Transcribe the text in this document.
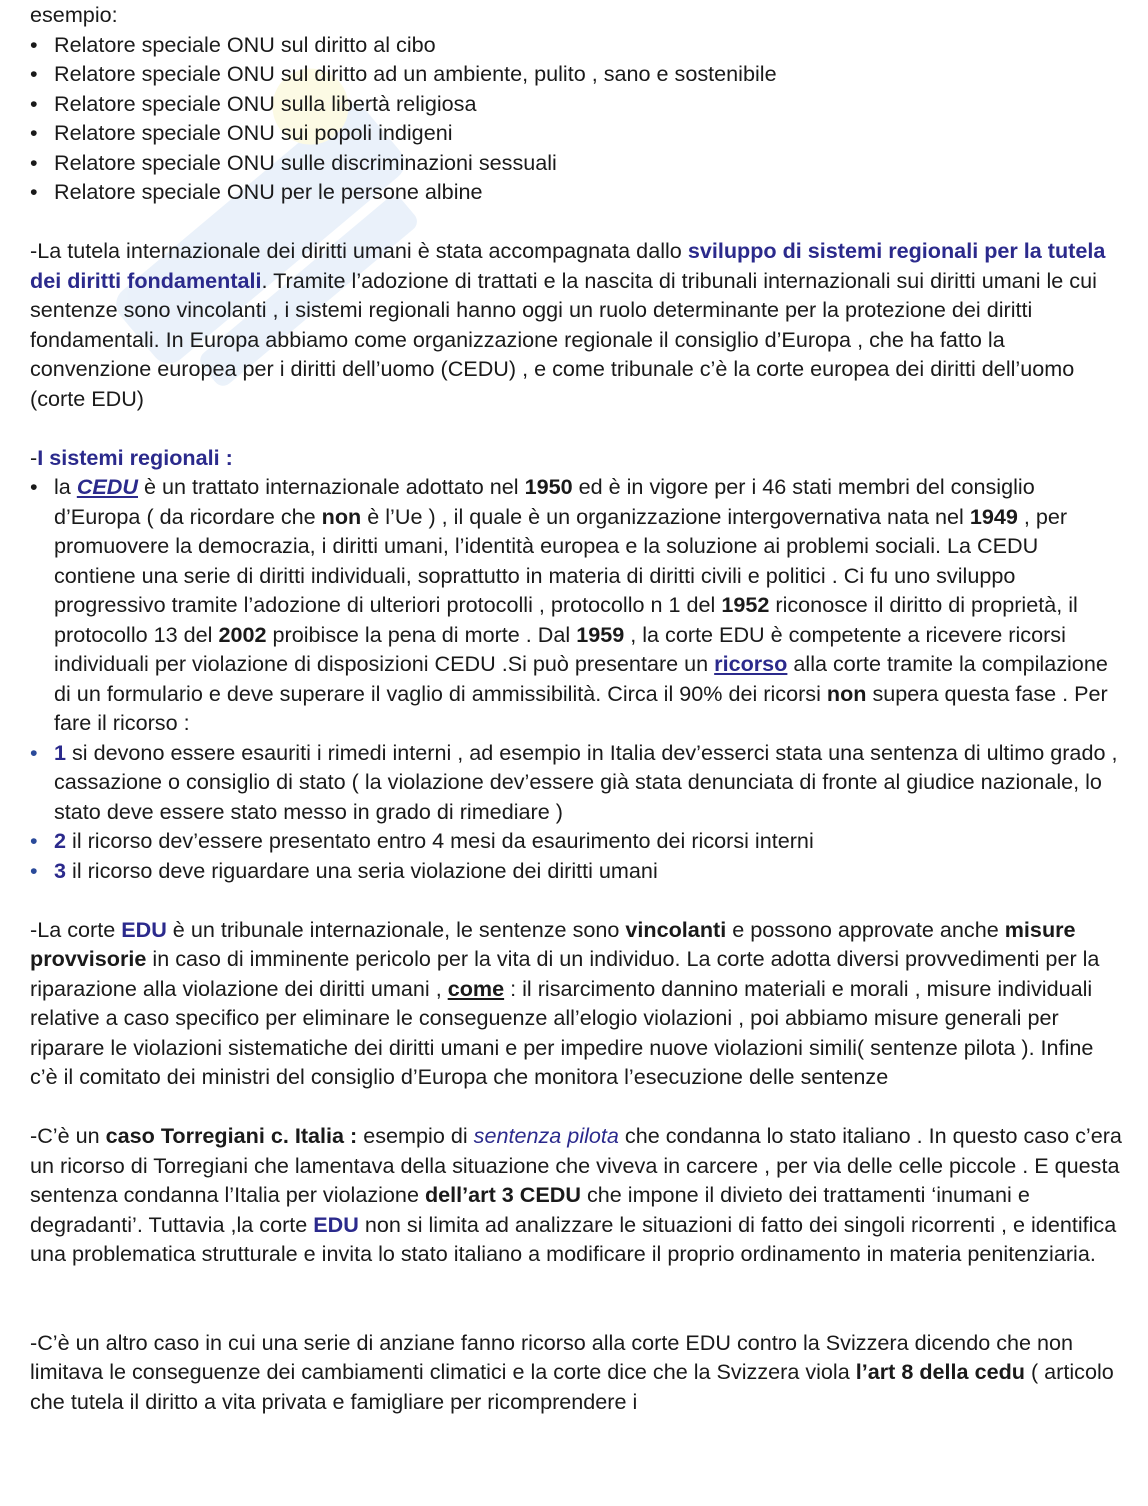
esempio:

• Relatore speciale ONU sul diritto al cibo

• Relatore speciale ONU sul diritto ad un ambiente, pulito , sano e sostenibile

• Relatore speciale ONU sulla libertà religiosa

• Relatore speciale ONU sui popoli indigeni

• Relatore speciale ONU sulle discriminazioni sessuali

• Relatore speciale ONU per le persone albine

-La tutela internazionale dei diritti umani è stata accompagnata dallo sviluppo di sistemi regionali per la tutela dei diritti fondamentali. Tramite l’adozione di trattati e la nascita di tribunali internazionali sui diritti umani le cui sentenze sono vincolanti , i sistemi regionali hanno oggi un ruolo determinante per la protezione dei diritti fondamentali. In Europa abbiamo come organizzazione regionale il consiglio d’Europa , che ha fatto la convenzione europea per i diritti dell’uomo (CEDU) , e come tribunale c’è la corte europea dei diritti dell’uomo (corte EDU)

-I sistemi regionali :

• la CEDU è un trattato internazionale adottato nel 1950 ed è in vigore per i 46 stati membri del consiglio d’Europa ( da ricordare che non è l’Ue ) , il quale è un organizzazione intergovernativa nata nel 1949 , per promuovere la democrazia, i diritti umani, l’identità europea e la soluzione ai problemi sociali. La CEDU contiene una serie di diritti individuali, soprattutto in materia di diritti civili e politici . Ci fu uno sviluppo progressivo tramite l’adozione di ulteriori protocolli , protocollo n 1 del 1952 riconosce il diritto di proprietà, il protocollo 13 del 2002 proibisce la pena di morte . Dal 1959 , la corte EDU è competente a ricevere ricorsi individuali per violazione di disposizioni CEDU .Si può presentare un ricorso alla corte tramite la compilazione di un formulario e deve superare il vaglio di ammissibilità. Circa il 90% dei ricorsi non supera questa fase . Per fare il ricorso :

• 1 si devono essere esauriti i rimedi interni , ad esempio in Italia dev’esserci stata una sentenza di ultimo grado , cassazione o consiglio di stato ( la violazione dev’essere già stata denunciata di fronte al giudice nazionale, lo stato deve essere stato messo in grado di rimediare )

• 2 il ricorso dev’essere presentato entro 4 mesi da esaurimento dei ricorsi interni

• 3 il ricorso deve riguardare una seria violazione dei diritti umani

-La corte EDU è un tribunale internazionale, le sentenze sono vincolanti e possono approvate anche misure provvisorie in caso di imminente pericolo per la vita di un individuo. La corte adotta diversi provvedimenti per la riparazione alla violazione dei diritti umani , come : il risarcimento dannino materiali e morali , misure individuali relative a caso specifico per eliminare le conseguenze all’elogio violazioni , poi abbiamo misure generali per riparare le violazioni sistematiche dei diritti umani e per impedire nuove violazioni simili( sentenze pilota ). Infine c’è il comitato dei ministri del consiglio d’Europa che monitora l’esecuzione delle sentenze

-C’è un caso Torregiani c. Italia : esempio di sentenza pilota che condanna lo stato italiano . In questo caso c’era un ricorso di Torregiani che lamentava della situazione che viveva in carcere , per via delle celle piccole . E questa sentenza condanna l’Italia per violazione dell’art 3 CEDU che impone il divieto dei trattamenti ‘inumani e degradanti’. Tuttavia ,la corte EDU non si limita ad analizzare le situazioni di fatto dei singoli ricorrenti , e identifica una problematica strutturale e invita lo stato italiano a modificare il proprio ordinamento in materia penitenziaria.

-C’è un altro caso in cui una serie di anziane fanno ricorso alla corte EDU contro la Svizzera dicendo che non limitava le conseguenze dei cambiamenti climatici e la corte dice che la Svizzera viola l’art 8 della cedu ( articolo che tutela il diritto a vita privata e famigliare per ricomprendere i
